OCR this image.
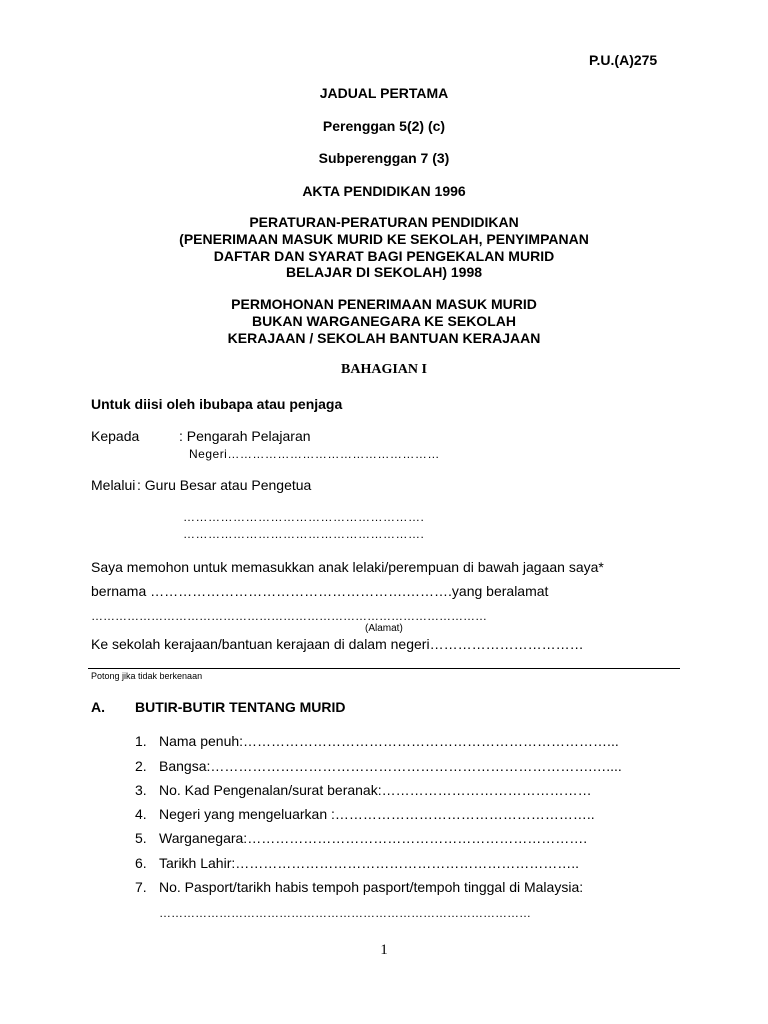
P.U.(A)275
JADUAL PERTAMA
Perenggan 5(2) (c)
Subperenggan 7 (3)
AKTA PENDIDIKAN 1996
PERATURAN-PERATURAN PENDIDIKAN
(PENERIMAAN MASUK MURID KE SEKOLAH, PENYIMPANAN
DAFTAR DAN SYARAT BAGI PENGEKALAN MURID
BELAJAR DI SEKOLAH) 1998
PERMOHONAN PENERIMAAN MASUK MURID
BUKAN WARGANEGARA KE SEKOLAH
KERAJAAN / SEKOLAH BANTUAN KERAJAAN
BAHAGIAN I
Untuk diisi oleh ibubapa atau penjaga
Kepada	: Pengarah Pelajaran
Negeri……………………………………………
Melalui : Guru Besar atau Pengetua
………………………………………………….
………………………………………………….
Saya memohon untuk memasukkan anak lelaki/perempuan di bawah jagaan saya*
bernama ……………………………………………….……….yang beralamat
………………………………………………………………………………………
(Alamat)
Ke sekolah kerajaan/bantuan kerajaan di dalam negeri……………………………
Potong jika tidak berkenaan
A. BUTIR-BUTIR TENTANG MURID
1. Nama penuh:……………………………………………………………………...
2. Bangsa:……………………………………………………………………….…....
3. No. Kad Pengenalan/surat beranak:………………………………………
4. Negeri yang mengeluarkan :………………………………………………..
5. Warganegara:……………………………………………………………….
6. Tarikh Lahir:………………………………………………………………..
7. No. Pasport/tarikh habis tempoh pasport/tempoh tinggal di Malaysia:
…………………………………………………………………………………
1
